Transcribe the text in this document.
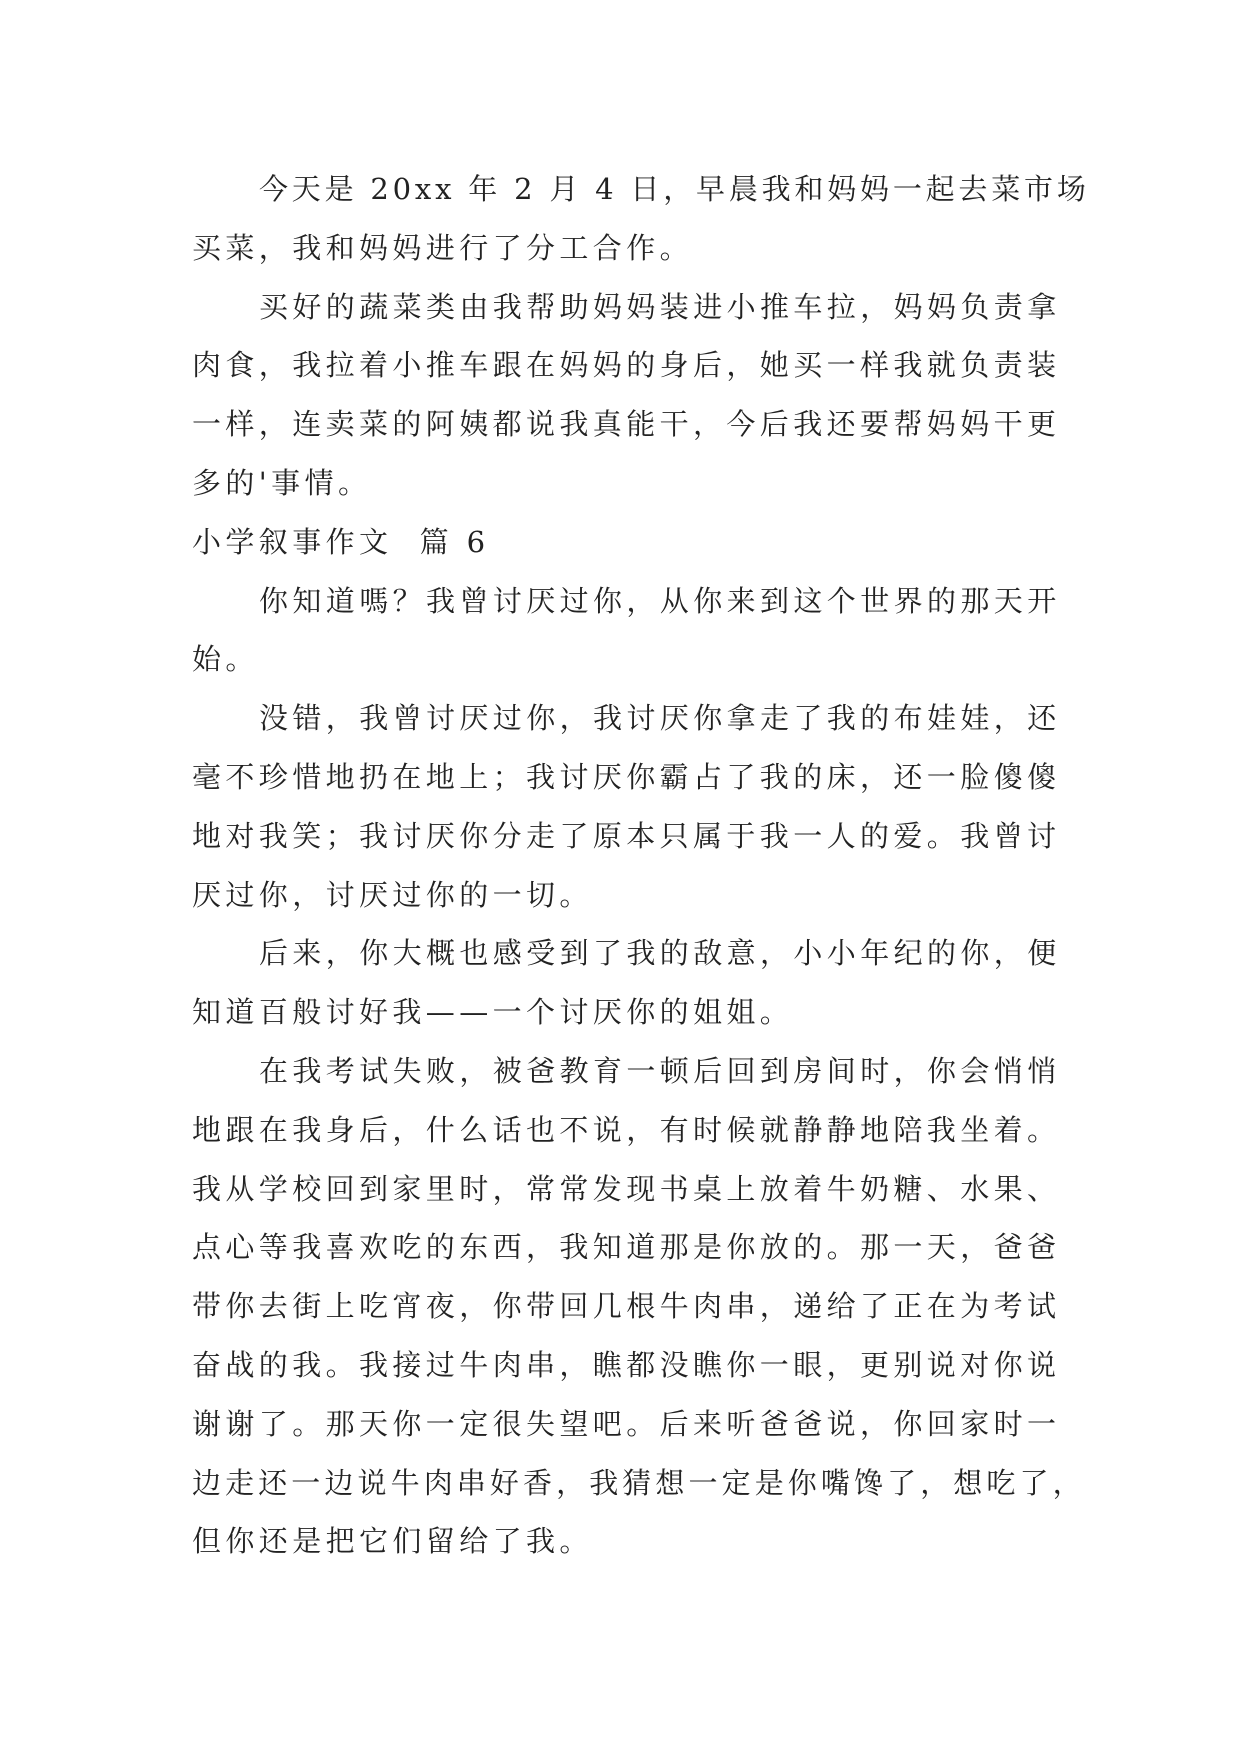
今天是 20xx 年 2 月 4 日，早晨我和妈妈一起去菜市场
买菜，我和妈妈进行了分工合作。
买好的蔬菜类由我帮助妈妈装进小推车拉，妈妈负责拿
肉食，我拉着小推车跟在妈妈的身后，她买一样我就负责装
一样，连卖菜的阿姨都说我真能干，今后我还要帮妈妈干更
多的'事情。
小学叙事作文  篇 6
你知道嗎？我曾讨厌过你，从你来到这个世界的那天开
始。
没错，我曾讨厌过你，我讨厌你拿走了我的布娃娃，还
毫不珍惜地扔在地上；我讨厌你霸占了我的床，还一脸傻傻
地对我笑；我讨厌你分走了原本只属于我一人的爱。我曾讨
厌过你，讨厌过你的一切。
后来，你大概也感受到了我的敌意，小小年纪的你，便
知道百般讨好我——一个讨厌你的姐姐。
在我考试失败，被爸教育一顿后回到房间时，你会悄悄
地跟在我身后，什么话也不说，有时候就静静地陪我坐着。
我从学校回到家里时，常常发现书桌上放着牛奶糖、水果、
点心等我喜欢吃的东西，我知道那是你放的。那一天，爸爸
带你去街上吃宵夜，你带回几根牛肉串，递给了正在为考试
奋战的我。我接过牛肉串，瞧都没瞧你一眼，更别说对你说
谢谢了。那天你一定很失望吧。后来听爸爸说，你回家时一
边走还一边说牛肉串好香，我猜想一定是你嘴馋了，想吃了，
但你还是把它们留给了我。
